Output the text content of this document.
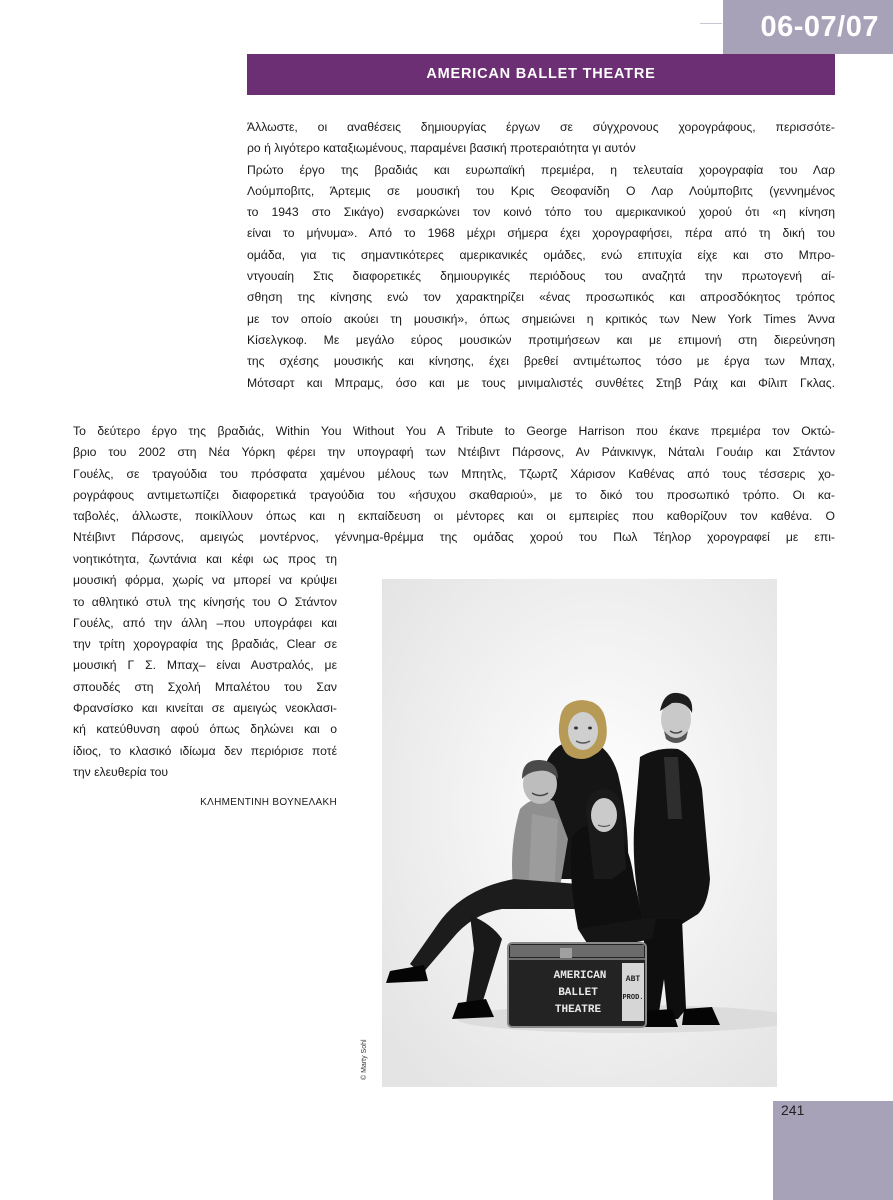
06-07/07
AMERICAN BALLET THEATRE
Άλλωστε, οι αναθέσεις δημιουργίας έργων σε σύγχρονους χορογράφους, περισσότε-
ρο ή λιγότερο καταξιωμένους, παραμένει βασική προτεραιότητα γι αυτόν
Πρώτο έργο της βραδιάς και ευρωπαϊκή πρεμιέρα, η τελευταία χορογραφία του Λαρ
Λούμποβιτς, Άρτεμις σε μουσική του Κρις Θεοφανίδη Ο Λαρ Λούμποβιτς (γεννημένος
το 1943 στο Σικάγο) ενσαρκώνει τον κοινό τόπο του αμερικανικού χορού ότι «η κίνηση
είναι το μήνυμα». Από το 1968 μέχρι σήμερα έχει χορογραφήσει, πέρα από τη δική του
ομάδα, για τις σημαντικότερες αμερικανικές ομάδες, ενώ επιτυχία είχε και στο Μπρο-
ντγουαίη Στις διαφορετικές δημιουργικές περιόδους του αναζητά την πρωτογενή αί-
σθηση της κίνησης ενώ τον χαρακτηρίζει «ένας προσωπικός και απροσδόκητος τρόπος
με τον οποίο ακούει τη μουσική», όπως σημειώνει η κριτικός των New York Times Άννα
Κίσελγκοφ. Με μεγάλο εύρος μουσικών προτιμήσεων και με επιμονή στη διερεύνηση
της σχέσης μουσικής και κίνησης, έχει βρεθεί αντιμέτωπος τόσο με έργα των Μπαχ,
Μότσαρτ και Μπραμς, όσο και με τους μινιμαλιστές συνθέτες Στηβ Ράιχ και Φίλιπ Γκλας.
Το δεύτερο έργο της βραδιάς, Within You Without You A Tribute to George Harrison που έκανε πρεμιέρα τον Οκτώ-
βριο του 2002 στη Νέα Υόρκη φέρει την υπογραφή των Ντέιβιντ Πάρσονς, Αν Ράινκινγκ, Νάταλι Γουάιρ και Στάντον
Γουέλς, σε τραγούδια του πρόσφατα χαμένου μέλους των Μπητλς, Τζωρτζ Χάρισον Καθένας από τους τέσσερις χο-
ρογράφους αντιμετωπίζει διαφορετικά τραγούδια του «ήσυχου σκαθαριού», με το δικό του προσωπικό τρόπο. Οι κα-
ταβολές, άλλωστε, ποικίλλουν όπως και η εκπαίδευση οι μέντορες και οι εμπειρίες που καθορίζουν τον καθένα. Ο
Ντέιβιντ Πάρσονς, αμειγώς μοντέρνος, γέννημα-θρέμμα της ομάδας χορού του Πωλ Τέηλορ χορογραφεί με επι-
νοητικότητα, ζωντάνια και κέφι ως προς τη
μουσική φόρμα, χωρίς να μπορεί να κρύψει
το αθλητικό στυλ της κίνησής του Ο Στάντον
Γουέλς, από την άλλη –που υπογράφει και
την τρίτη χορογραφία της βραδιάς, Clear σε
μουσική Γ Σ. Μπαχ– είναι Αυστραλός, με
σπουδές στη Σχολή Μπαλέτου του Σαν
Φρανσίσκο και κινείται σε αμειγώς νεοκλασι-
κή κατεύθυνση αφού όπως δηλώνει και ο
ίδιος, το κλασικό ιδίωμα δεν περιόρισε ποτέ
την ελευθερία του
ΚΛΗΜΕΝΤΙΝΗ ΒΟΥΝΕΛΑΚΗ
AMERICAN
BALLET
THEATRE
ABT
PROD.
© Marty Sohl
241
